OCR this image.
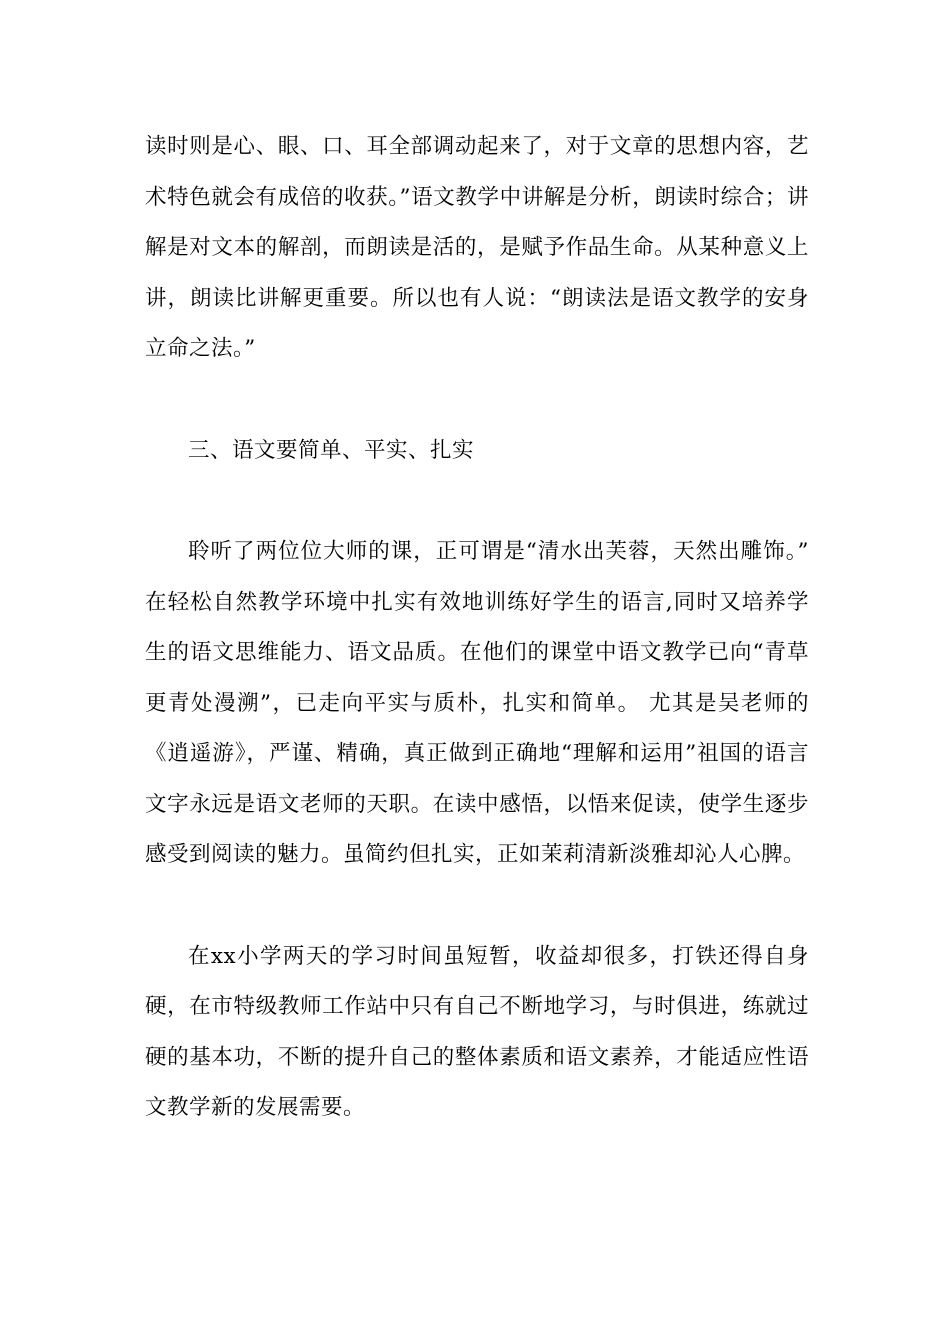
读时则是心、眼、口、耳全部调动起来了，对于文章的思想内容，艺术特色就会有成倍的收获。”语文教学中讲解是分析，朗读时综合；讲解是对文本的解剖，而朗读是活的，是赋予作品生命。从某种意义上讲，朗读比讲解更重要。所以也有人说：“朗读法是语文教学的安身立命之法。”

三、语文要简单、平实、扎实

聆听了两位位大师的课，正可谓是“清水出芙蓉，天然出雕饰。” 在轻松自然教学环境中扎实有效地训练好学生的语言,同时又培养学生的语文思维能力、语文品质。在他们的课堂中语文教学已向“青草更青处漫溯”，已走向平实与质朴，扎实和简单。 尤其是吴老师的《逍遥游》，严谨、精确，真正做到正确地“理解和运用”祖国的语言文字永远是语文老师的天职。在读中感悟，以悟来促读，使学生逐步感受到阅读的魅力。虽简约但扎实，正如茉莉清新淡雅却沁人心脾。

在xx小学两天的学习时间虽短暂，收益却很多，打铁还得自身硬，在市特级教师工作站中只有自己不断地学习，与时俱进，练就过硬的基本功，不断的提升自己的整体素质和语文素养，才能适应性语文教学新的发展需要。
